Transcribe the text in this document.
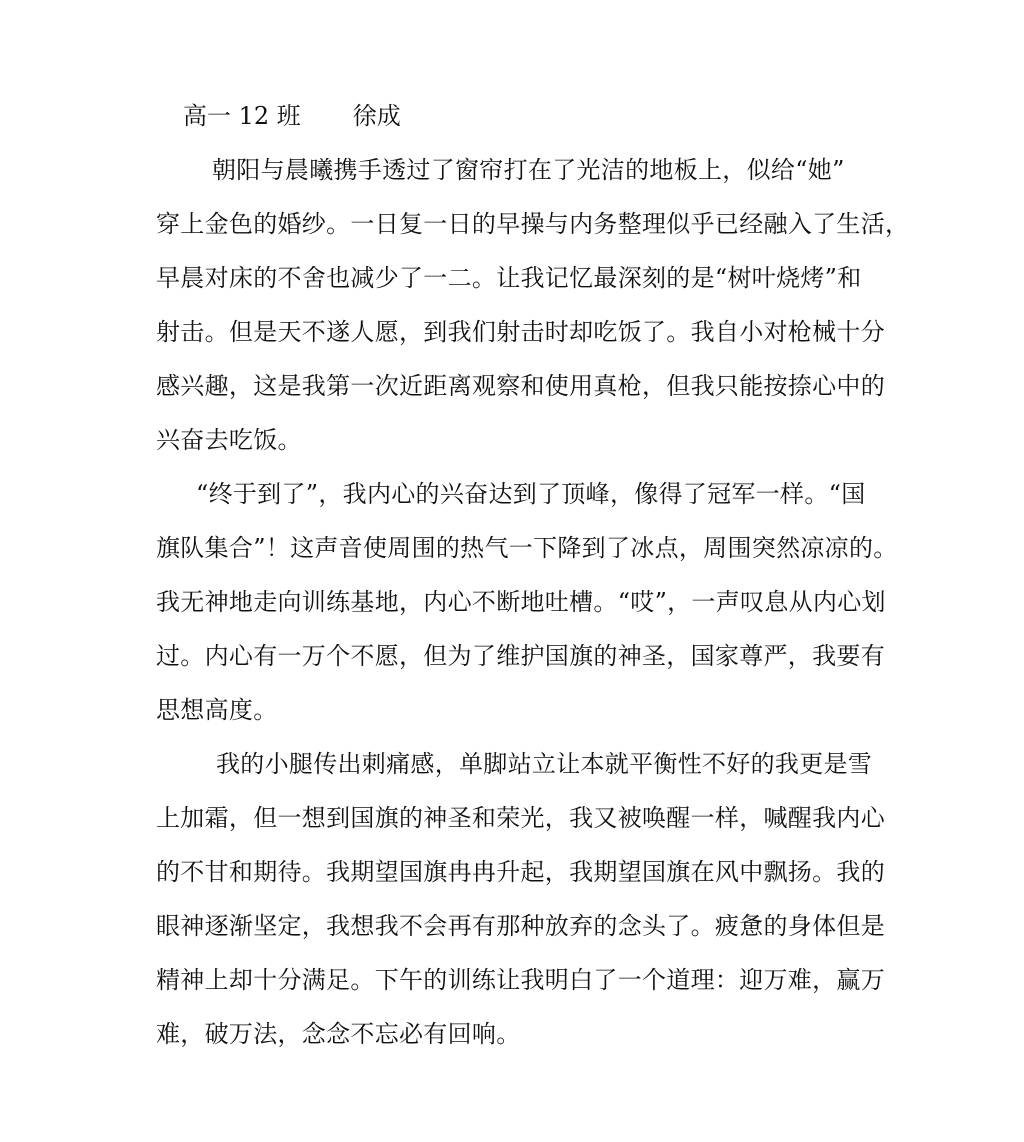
高一 12 班 徐成
朝阳与晨曦携手透过了窗帘打在了光洁的地板上，似给“她”
穿上金色的婚纱。一日复一日的早操与内务整理似乎已经融入了生活，
早晨对床的不舍也减少了一二。让我记忆最深刻的是“树叶烧烤”和
射击。但是天不遂人愿，到我们射击时却吃饭了。我自小对枪械十分
感兴趣，这是我第一次近距离观察和使用真枪，但我只能按捺心中的
兴奋去吃饭。
“终于到了”，我内心的兴奋达到了顶峰，像得了冠军一样。“国
旗队集合”！这声音使周围的热气一下降到了冰点，周围突然凉凉的。
我无神地走向训练基地，内心不断地吐槽。“哎”，一声叹息从内心划
过。内心有一万个不愿，但为了维护国旗的神圣，国家尊严，我要有
思想高度。
我的小腿传出刺痛感，单脚站立让本就平衡性不好的我更是雪
上加霜，但一想到国旗的神圣和荣光，我又被唤醒一样，喊醒我内心
的不甘和期待。我期望国旗冉冉升起，我期望国旗在风中飘扬。我的
眼神逐渐坚定，我想我不会再有那种放弃的念头了。疲惫的身体但是
精神上却十分满足。下午的训练让我明白了一个道理：迎万难，赢万
难，破万法，念念不忘必有回响。
